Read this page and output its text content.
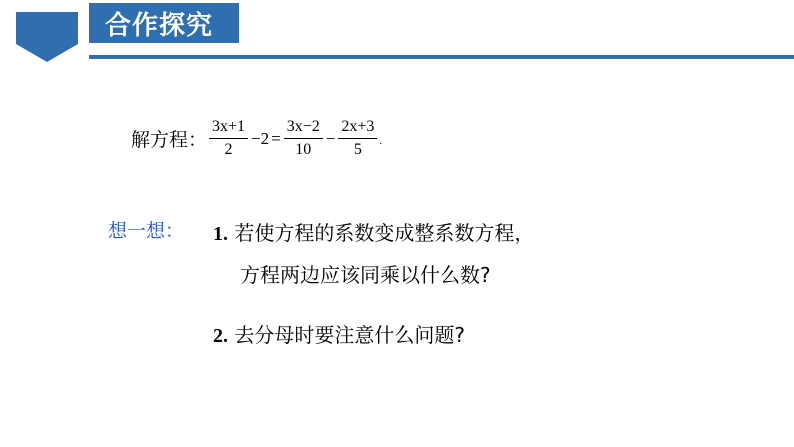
合作探究
解方程： $\frac{3x+1}{2} -2 = \frac{3x-2}{10} - \frac{2x+3}{5}$ .
想一想： 1. 若使方程的系数变成整系数方程，
方程两边应该同乘以什么数?
2. 去分母时要注意什么问题?
